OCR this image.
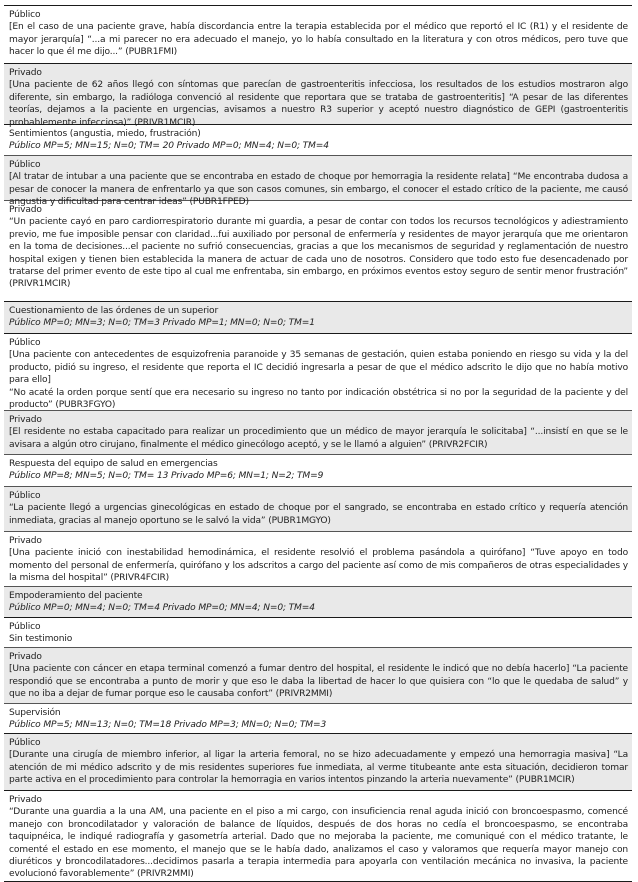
Público
[En el caso de una paciente grave, había discordancia entre la terapia establecida por el médico que reportó el IC (R1) y el residente de mayor jerarquía] “...a mi parecer no era adecuado el manejo, yo lo había consultado en la literatura y con otros médicos, pero tuve que hacer lo que él me dijo...” (PUBR1FMI)
Privado
[Una paciente de 62 años llegó con síntomas que parecían de gastroenteritis infecciosa, los resultados de los estudios mostraron algo diferente, sin embargo, la radióloga convenció al residente que reportara que se trataba de gastroenteritis] “A pesar de las diferentes teorías, dejamos a la paciente en urgencias, avisamos a nuestro R3 superior y aceptó nuestro diagnóstico de GEPI (gastroenteritis probablemente infecciosa)” (PRIVR1MCIR)
Sentimientos (angustia, miedo, frustración)
Público MP=5; MN=15; N=0; TM= 20 Privado MP=0; MN=4; N=0; TM=4
Público
[Al tratar de intubar a una paciente que se encontraba en estado de choque por hemorragia la residente relata] “Me encontraba dudosa a pesar de conocer la manera de enfrentarlo ya que son casos comunes, sin embargo, el conocer el estado crítico de la paciente, me causó angustia y dificultad para centrar ideas” (PUBR1FPED)
Privado
“Un paciente cayó en paro cardiorrespiratorio durante mi guardia, a pesar de contar con todos los recursos tecnológicos y adiestramiento previo, me fue imposible pensar con claridad...fui auxiliado por personal de enfermería y residentes de mayor jerarquía que me orientaron en la toma de decisiones...el paciente no sufrió consecuencias, gracias a que los mecanismos de seguridad y reglamentación de nuestro hospital exigen y tienen bien establecida la manera de actuar de cada uno de nosotros. Considero que todo esto fue desencadenado por tratarse del primer evento de este tipo al cual me enfrentaba, sin embargo, en próximos eventos estoy seguro de sentir menor frustración” (PRIVR1MCIR)
Cuestionamiento de las órdenes de un superior
Público MP=0; MN=3; N=0; TM=3 Privado MP=1; MN=0; N=0; TM=1
Público
[Una paciente con antecedentes de esquizofrenia paranoide y 35 semanas de gestación, quien estaba poniendo en riesgo su vida y la del producto, pidió su ingreso, el residente que reporta el IC decidió ingresarla a pesar de que el médico adscrito le dijo que no había motivo para ello]
“No acaté la orden porque sentí que era necesario su ingreso no tanto por indicación obstétrica si no por la seguridad de la paciente y del producto” (PUBR3FGYO)
Privado
[El residente no estaba capacitado para realizar un procedimiento que un médico de mayor jerarquía le solicitaba] “...insistí en que se le avisara a algún otro cirujano, finalmente el médico ginecólogo aceptó, y se le llamó a alguien” (PRIVR2FCIR)
Respuesta del equipo de salud en emergencias
Público MP=8; MN=5; N=0; TM= 13 Privado MP=6; MN=1; N=2; TM=9
Público
“La paciente llegó a urgencias ginecológicas en estado de choque por el sangrado, se encontraba en estado crítico y requería atención inmediata, gracias al manejo oportuno se le salvó la vida” (PUBR1MGYO)
Privado
[Una paciente inició con inestabilidad hemodinámica, el residente resolvió el problema pasándola a quirófano] “Tuve apoyo en todo momento del personal de enfermería, quirófano y los adscritos a cargo del paciente así como de mis compañeros de otras especialidades y la misma del hospital” (PRIVR4FCIR)
Empoderamiento del paciente
Público MP=0; MN=4; N=0; TM=4 Privado MP=0; MN=4; N=0; TM=4
Público
Sin testimonio
Privado
[Una paciente con cáncer en etapa terminal comenzó a fumar dentro del hospital, el residente le indicó que no debía hacerlo] “La paciente respondió que se encontraba a punto de morir y que eso le daba la libertad de hacer lo que quisiera con “lo que le quedaba de salud” y que no iba a dejar de fumar porque eso le causaba confort” (PRIVR2MMI)
Supervisión
Público MP=5; MN=13; N=0; TM=18 Privado MP=3; MN=0; N=0; TM=3
Público
[Durante una cirugía de miembro inferior, al ligar la arteria femoral, no se hizo adecuadamente y empezó una hemorragia masiva] “La atención de mi médico adscrito y de mis residentes superiores fue inmediata, al verme titubeante ante esta situación, decidieron tomar parte activa en el procedimiento para controlar la hemorragia en varios intentos pinzando la arteria nuevamente” (PUBR1MCIR)
Privado
“Durante una guardia a la una AM, una paciente en el piso a mi cargo, con insuficiencia renal aguda inició con broncoespasmo, comencé manejo con broncodilatador y valoración de balance de líquidos, después de dos horas no cedía el broncoespasmo, se encontraba taquipnéica, le indiqué radiografía y gasometría arterial. Dado que no mejoraba la paciente, me comuniqué con el médico tratante, le comenté el estado en ese momento, el manejo que se le había dado, analizamos el caso y valoramos que requería mayor manejo con diuréticos y broncodilatadores...decidimos pasarla a terapia intermedia para apoyarla con ventilación mecánica no invasiva, la paciente evolucionó favorablemente” (PRIVR2MMI)
